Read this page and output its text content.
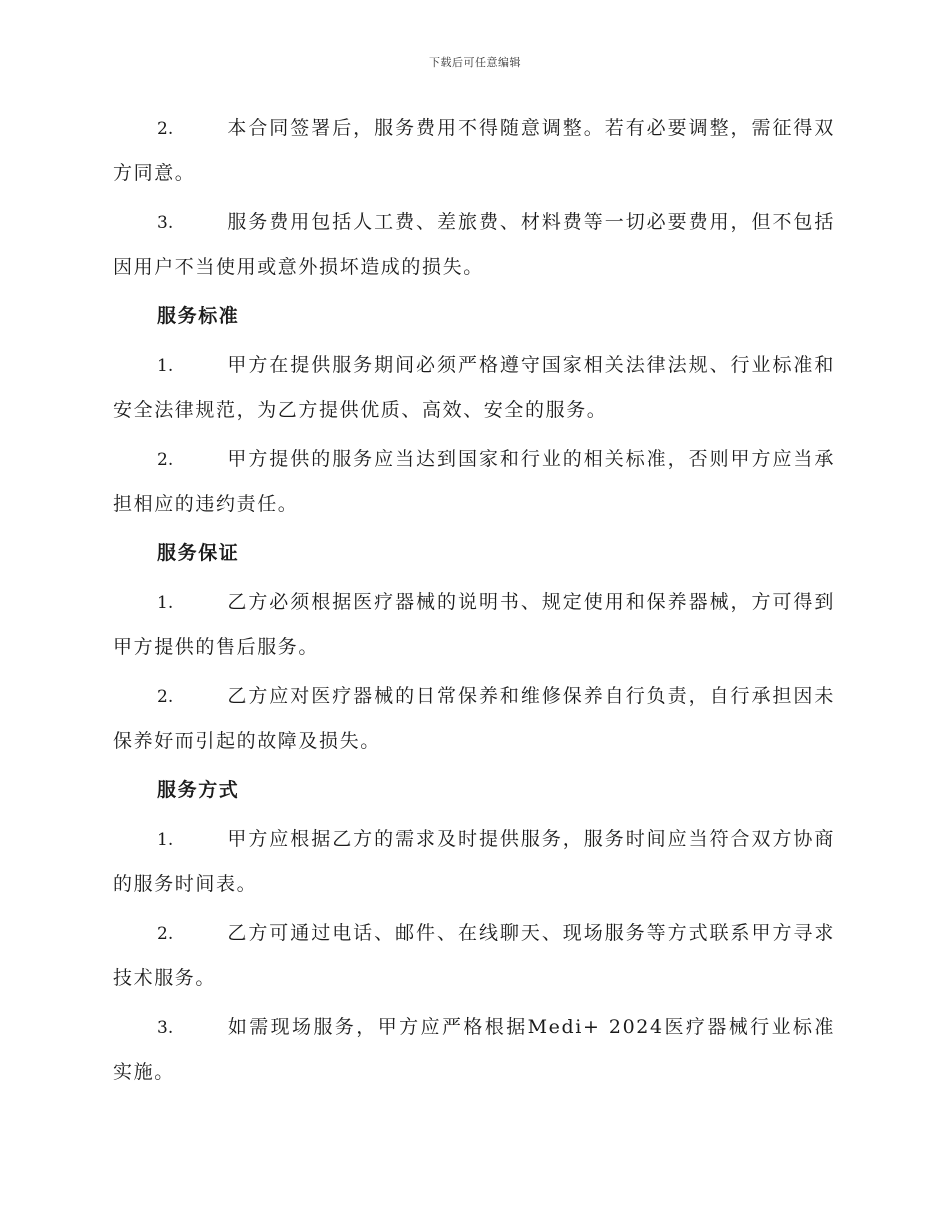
下载后可任意编辑

2.	本合同签署后，服务费用不得随意调整。若有必要调整，需征得双方同意。

3.	服务费用包括人工费、差旅费、材料费等一切必要费用，但不包括因用户不当使用或意外损坏造成的损失。

服务标准

1.	甲方在提供服务期间必须严格遵守国家相关法律法规、行业标准和安全法律规范，为乙方提供优质、高效、安全的服务。

2.	甲方提供的服务应当达到国家和行业的相关标准，否则甲方应当承担相应的违约责任。

服务保证

1.	乙方必须根据医疗器械的说明书、规定使用和保养器械，方可得到甲方提供的售后服务。

2.	乙方应对医疗器械的日常保养和维修保养自行负责，自行承担因未保养好而引起的故障及损失。

服务方式

1.	甲方应根据乙方的需求及时提供服务，服务时间应当符合双方协商的服务时间表。

2.	乙方可通过电话、邮件、在线聊天、现场服务等方式联系甲方寻求技术服务。

3.	如需现场服务，甲方应严格根据Medi+ 2024医疗器械行业标准实施。
